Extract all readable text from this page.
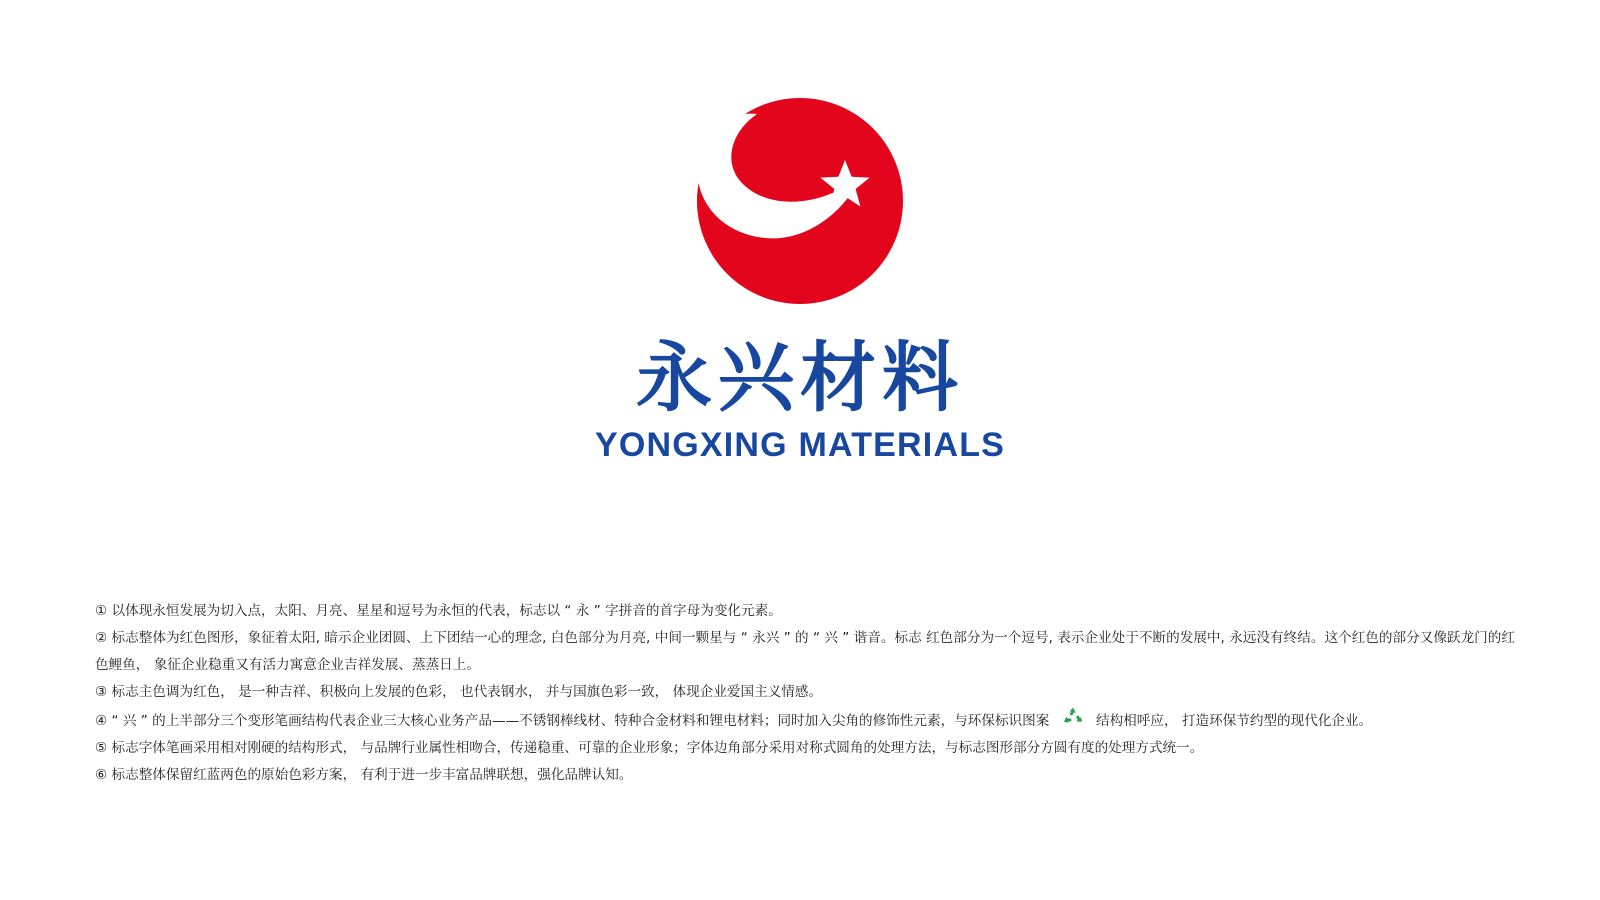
永兴材料
YONGXING MATERIALS

① 以体现永恒发展为切入点，太阳、月亮、星星和逗号为永恒的代表，标志以 “ 永 ” 字拼音的首字母为变化元素。

② 标志整体为红色图形，象征着太阳, 暗示企业团圆、上下团结一心的理念, 白色部分为月亮, 中间一颗星与 “ 永兴 ” 的 “ 兴 ” 谐音。标志 红色部分为一个逗号, 表示企业处于不断的发展中, 永远没有终结。这个红色的部分又像跃龙门的红色鲤鱼， 象征企业稳重又有活力寓意企业吉祥发展、蒸蒸日上。

③ 标志主色调为红色， 是一种吉祥、积极向上发展的色彩， 也代表钢水， 并与国旗色彩一致， 体现企业爱国主义情感。

④ “ 兴 ” 的上半部分三个变形笔画结构代表企业三大核心业务产品——不锈钢棒线材、特种合金材料和锂电材料；同时加入尖角的修饰性元素，与环保标识图案	结构相呼应， 打造环保节约型的现代化企业。

⑤ 标志字体笔画采用相对刚硬的结构形式， 与品牌行业属性相吻合，传递稳重、可靠的企业形象；字体边角部分采用对称式圆角的处理方法，与标志图形部分方圆有度的处理方式统一。

⑥ 标志整体保留红蓝两色的原始色彩方案， 有利于进一步丰富品牌联想，强化品牌认知。
